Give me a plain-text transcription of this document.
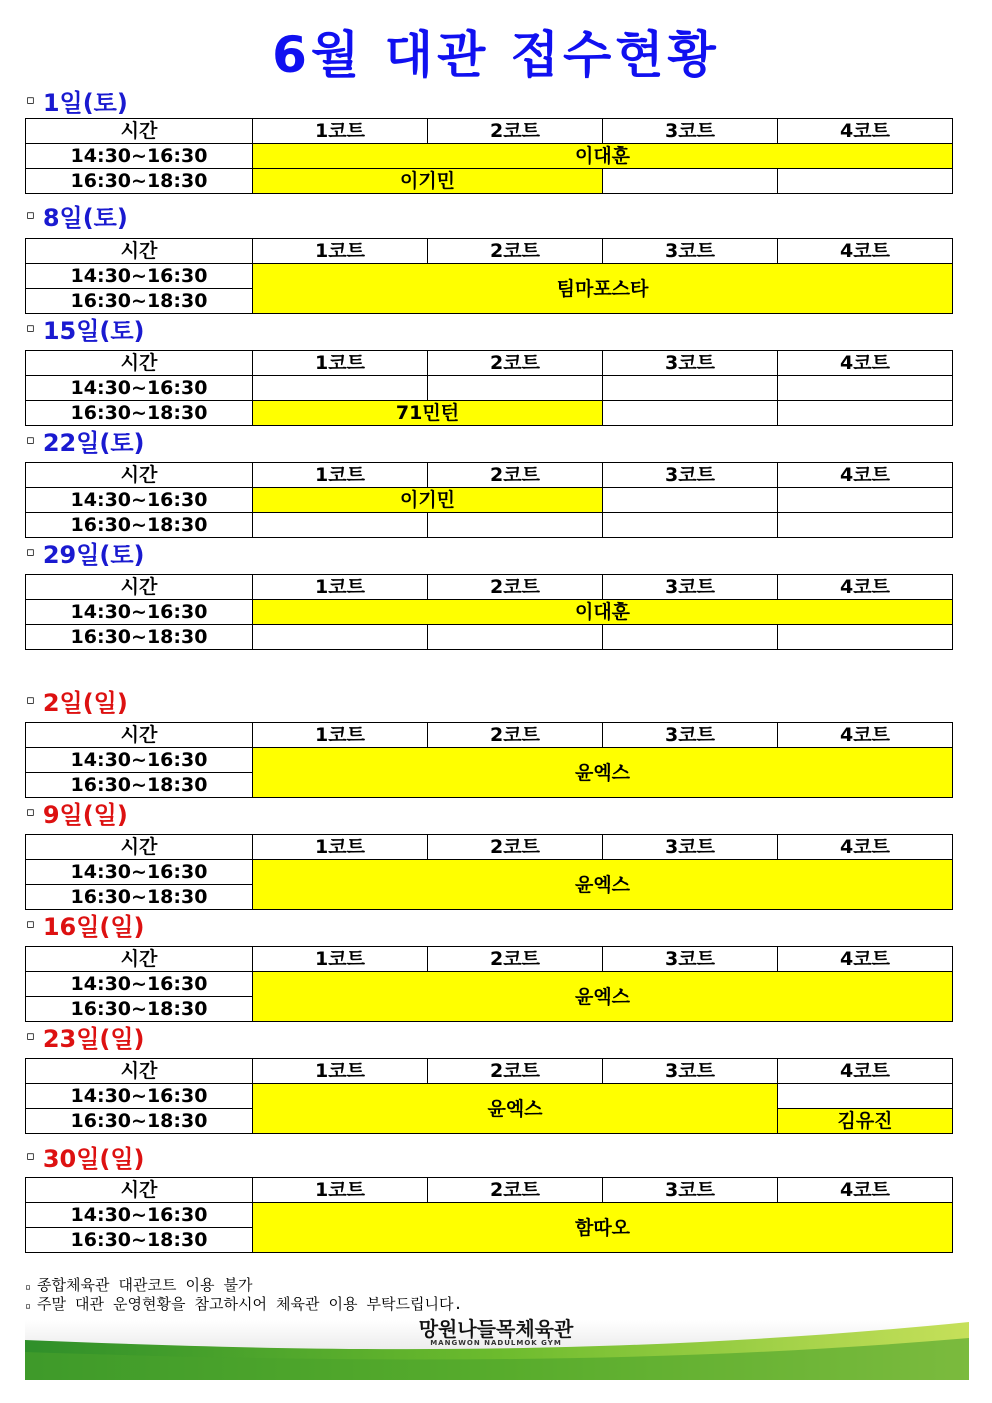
6월 대관 접수현황
▫ 1일(토)
시간	1코트	2코트	3코트	4코트
14:30~16:30	이대훈			
16:30~18:30	이기민			
▫ 8일(토)
시간	1코트	2코트	3코트	4코트
14:30~16:30	팀마포스타			
16:30~18:30				
▫ 15일(토)
시간	1코트	2코트	3코트	4코트
14:30~16:30				
16:30~18:30	71민턴			
▫ 22일(토)
시간	1코트	2코트	3코트	4코트
14:30~16:30	이기민			
16:30~18:30				
▫ 29일(토)
시간	1코트	2코트	3코트	4코트
14:30~16:30	이대훈			
16:30~18:30				
▫ 2일(일)
시간	1코트	2코트	3코트	4코트
14:30~16:30	윤엑스			
16:30~18:30				
▫ 9일(일)
시간	1코트	2코트	3코트	4코트
14:30~16:30	윤엑스			
16:30~18:30				
▫ 16일(일)
시간	1코트	2코트	3코트	4코트
14:30~16:30	윤엑스			
16:30~18:30				
▫ 23일(일)
시간	1코트	2코트	3코트	4코트
14:30~16:30	윤엑스			
16:30~18:30				김유진
▫ 30일(일)
시간	1코트	2코트	3코트	4코트
14:30~16:30	함따오			
16:30~18:30				
▫ 종합체육관 대관코트 이용 불가
▫ 주말 대관 운영현황을 참고하시어 체육관 이용 부탁드립니다.
망원나들목체육관
MANGWON NADULMOK GYM
